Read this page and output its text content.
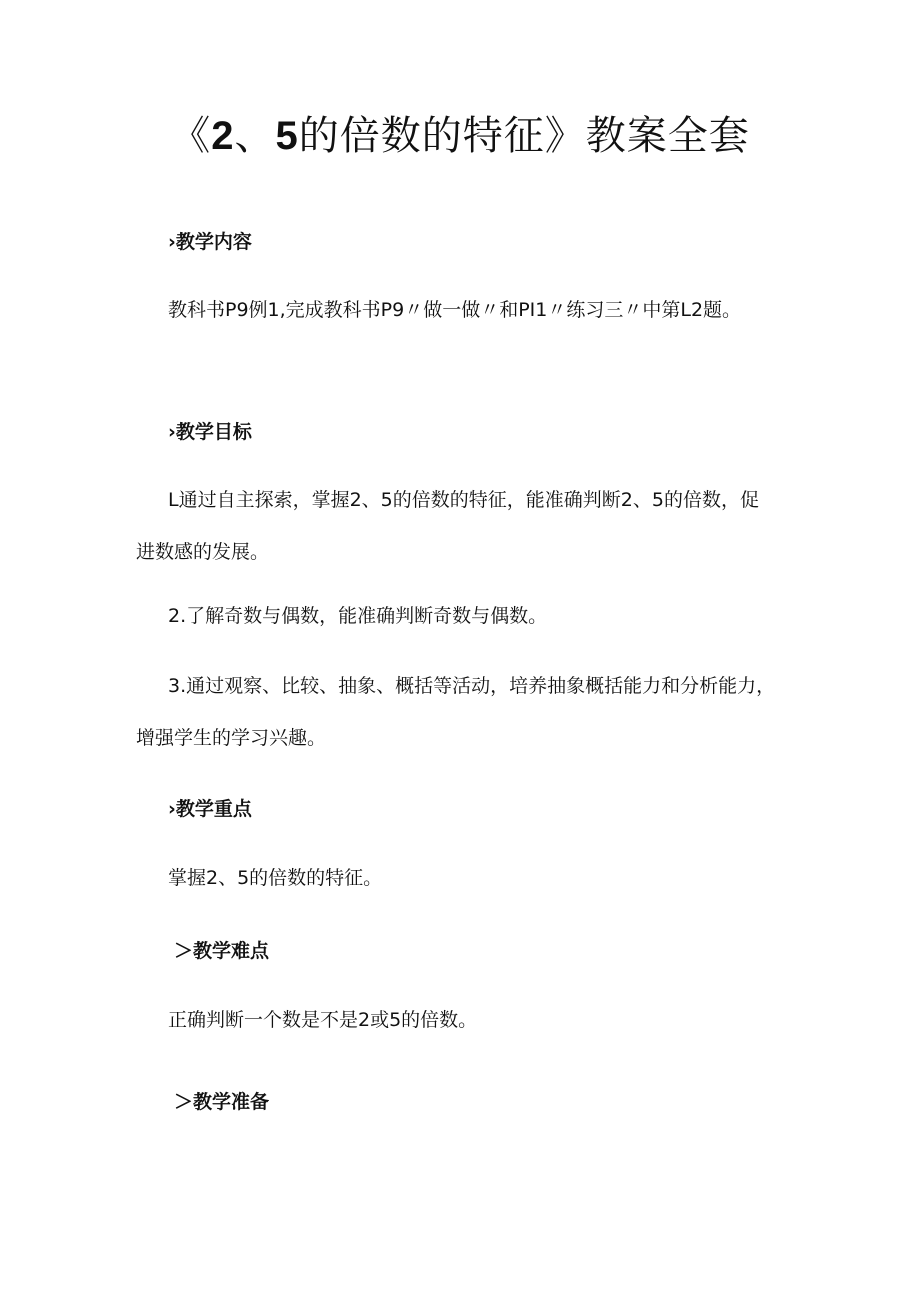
《2、5的倍数的特征》教案全套
›教学内容
教科书P9例1,完成教科书P9〃做一做〃和PI1〃练习三〃中第L2题。
›教学目标
L通过自主探索，掌握2、5的倍数的特征，能准确判断2、5的倍数，促进数感的发展。
2.了解奇数与偶数，能准确判断奇数与偶数。
3.通过观察、比较、抽象、概括等活动，培养抽象概括能力和分析能力，增强学生的学习兴趣。
›教学重点
掌握2、5的倍数的特征。
＞教学难点
正确判断一个数是不是2或5的倍数。
＞教学准备
